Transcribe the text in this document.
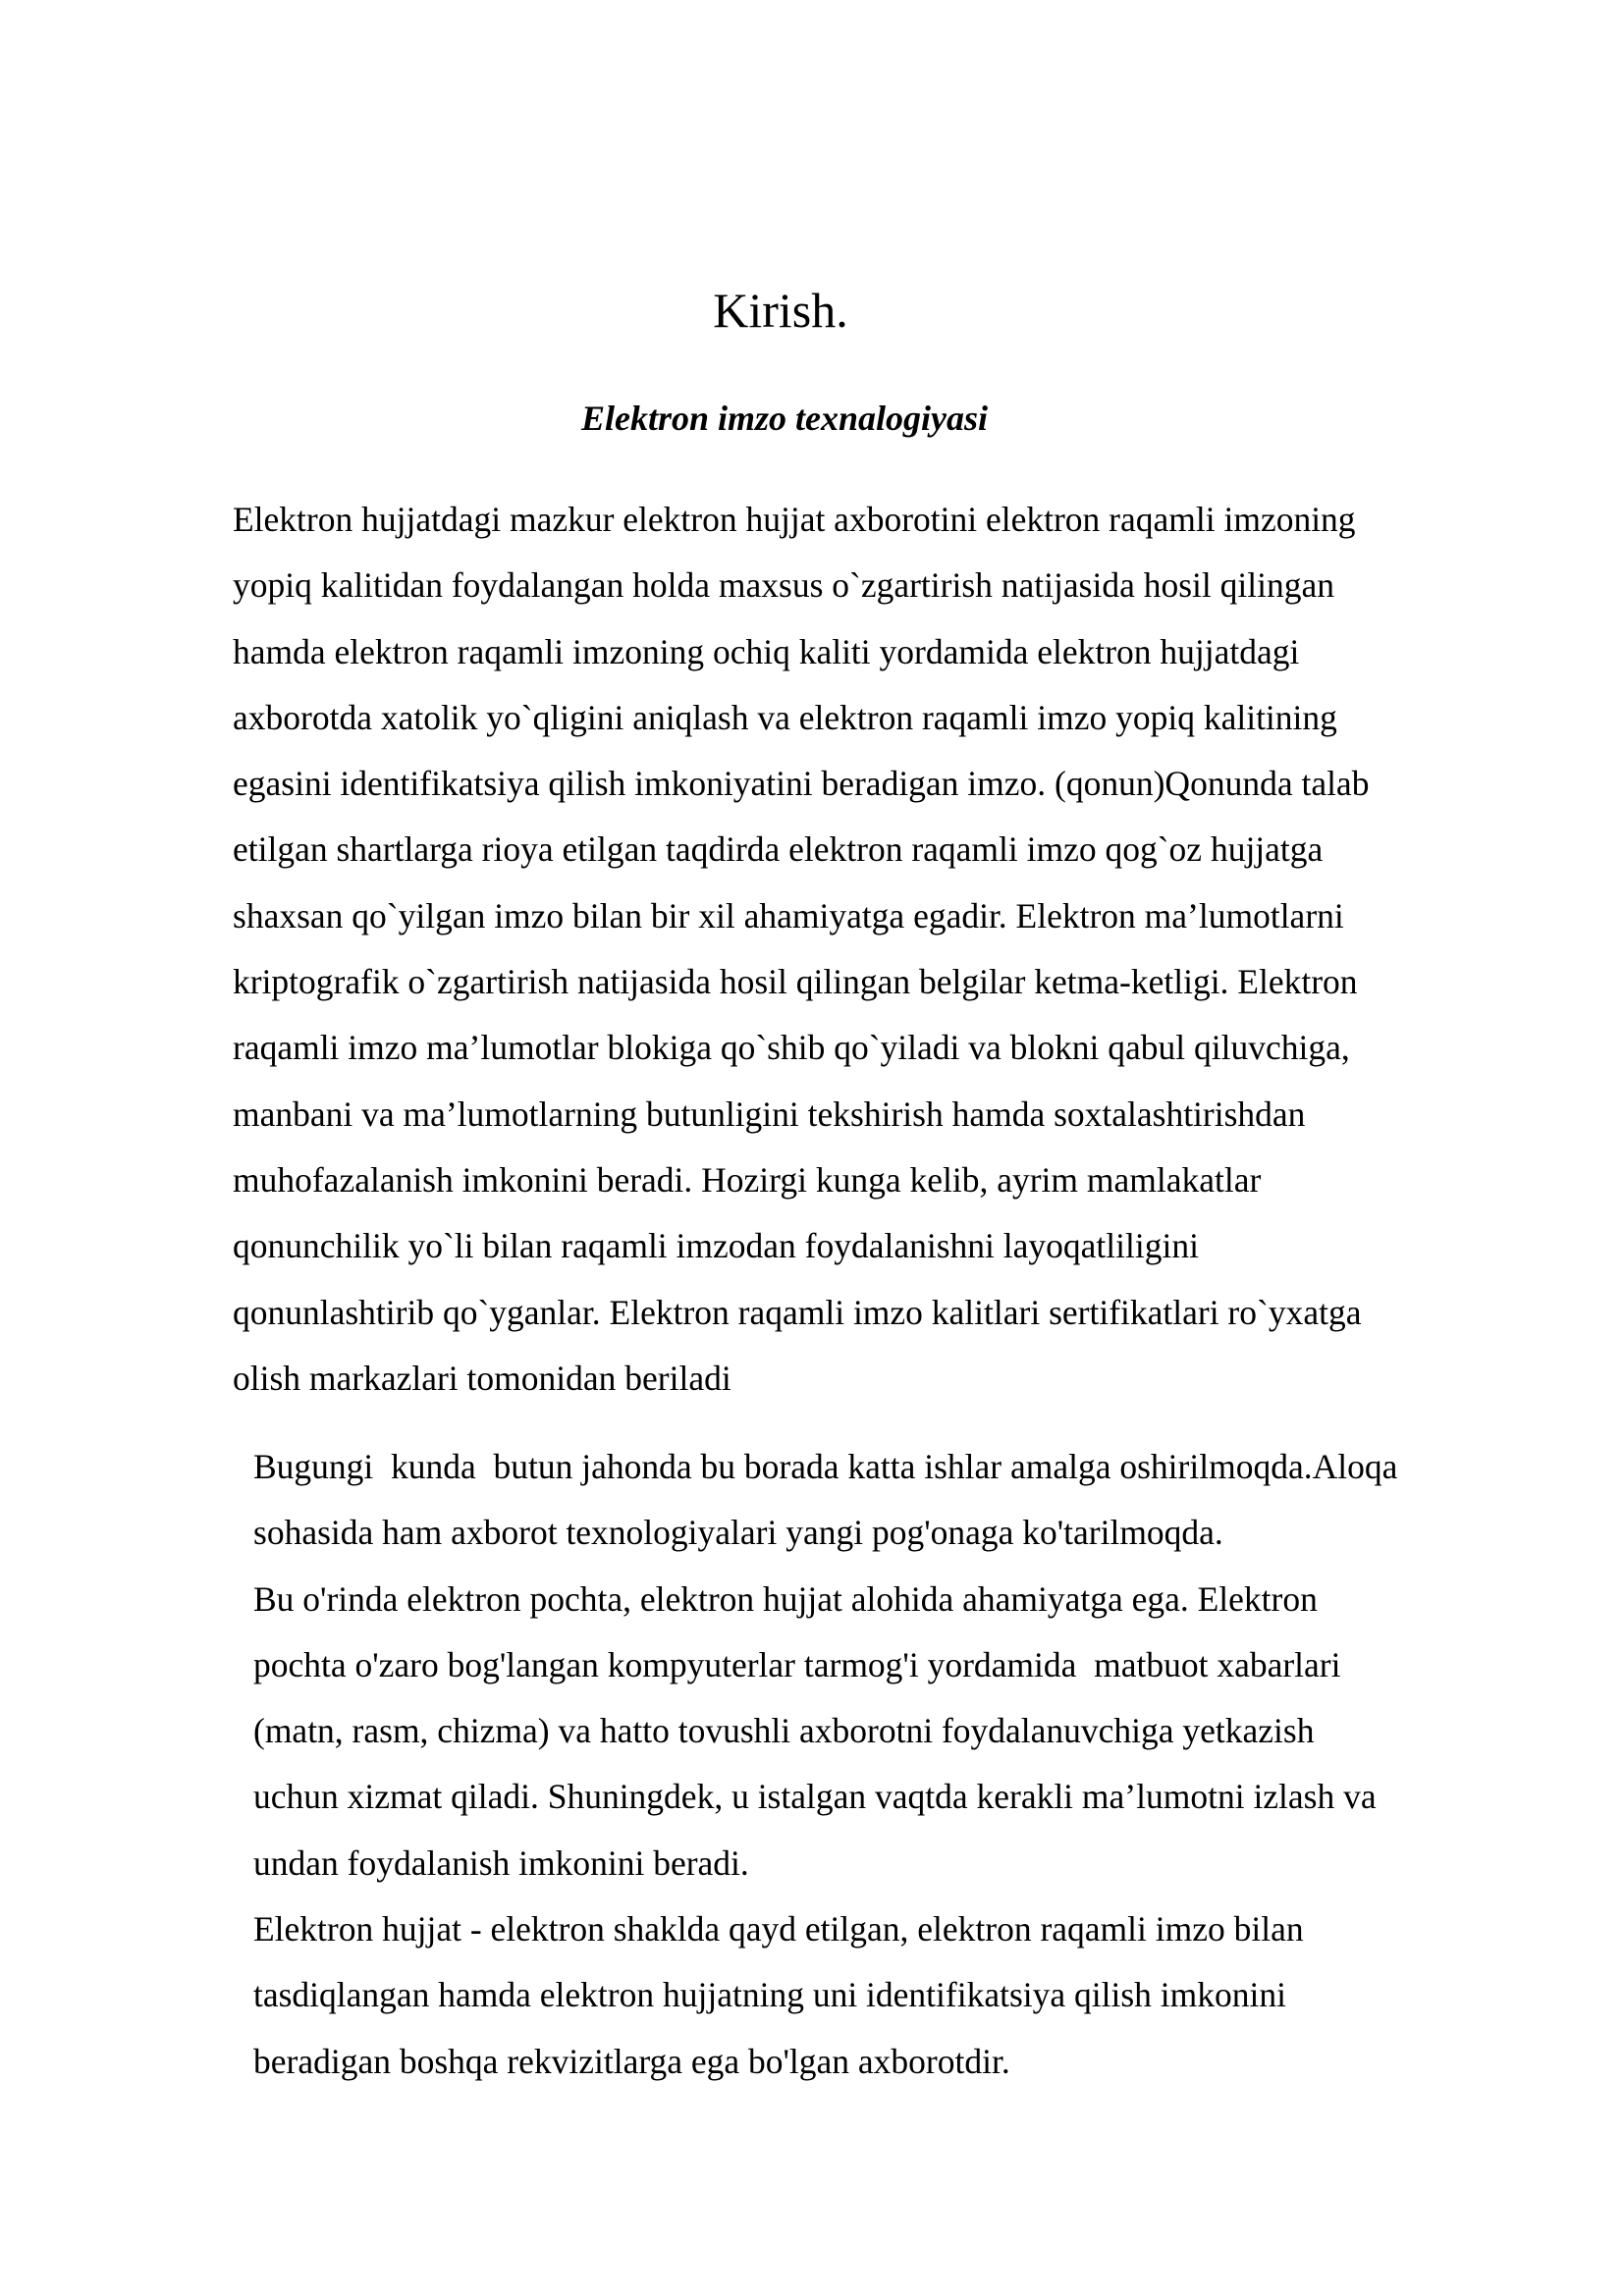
Kirish.
Elektron imzo texnalogiyasi

Elektron hujjatdagi mazkur elektron hujjat axborotini elektron raqamli imzoning
yopiq kalitidan foydalangan holda maxsus o`zgartirish natijasida hosil qilingan
hamda elektron raqamli imzoning ochiq kaliti yordamida elektron hujjatdagi
axborotda xatolik yo`qligini aniqlash va elektron raqamli imzo yopiq kalitining
egasini identifikatsiya qilish imkoniyatini beradigan imzo. (qonun)Qonunda talab
etilgan shartlarga rioya etilgan taqdirda elektron raqamli imzo qog`oz hujjatga
shaxsan qo`yilgan imzo bilan bir xil ahamiyatga egadir. Elektron ma’lumotlarni
kriptografik o`zgartirish natijasida hosil qilingan belgilar ketma-ketligi. Elektron
raqamli imzo ma’lumotlar blokiga qo`shib qo`yiladi va blokni qabul qiluvchiga,
manbani va ma’lumotlarning butunligini tekshirish hamda soxtalashtirishdan
muhofazalanish imkonini beradi. Hozirgi kunga kelib, ayrim mamlakatlar
qonunchilik yo`li bilan raqamli imzodan foydalanishni layoqatliligini
qonunlashtirib qo`yganlar. Elektron raqamli imzo kalitlari sertifikatlari ro`yxatga
olish markazlari tomonidan beriladi

Bugungi  kunda  butun jahonda bu borada katta ishlar amalga oshirilmoqda.Aloqa
sohasida ham axborot texnologiyalari yangi pog'onaga ko'tarilmoqda.
Bu o'rinda elektron pochta, elektron hujjat alohida ahamiyatga ega. Elektron
pochta o'zaro bog'langan kompyuterlar tarmog'i yordamida  matbuot xabarlari
(matn, rasm, chizma) va hatto tovushli axborotni foydalanuvchiga yetkazish
uchun xizmat qiladi. Shuningdek, u istalgan vaqtda kerakli ma’lumotni izlash va
undan foydalanish imkonini beradi.
Elektron hujjat - elektron shaklda qayd etilgan, elektron raqamli imzo bilan
tasdiqlangan hamda elektron hujjatning uni identifikatsiya qilish imkonini
beradigan boshqa rekvizitlarga ega bo'lgan axborotdir.
